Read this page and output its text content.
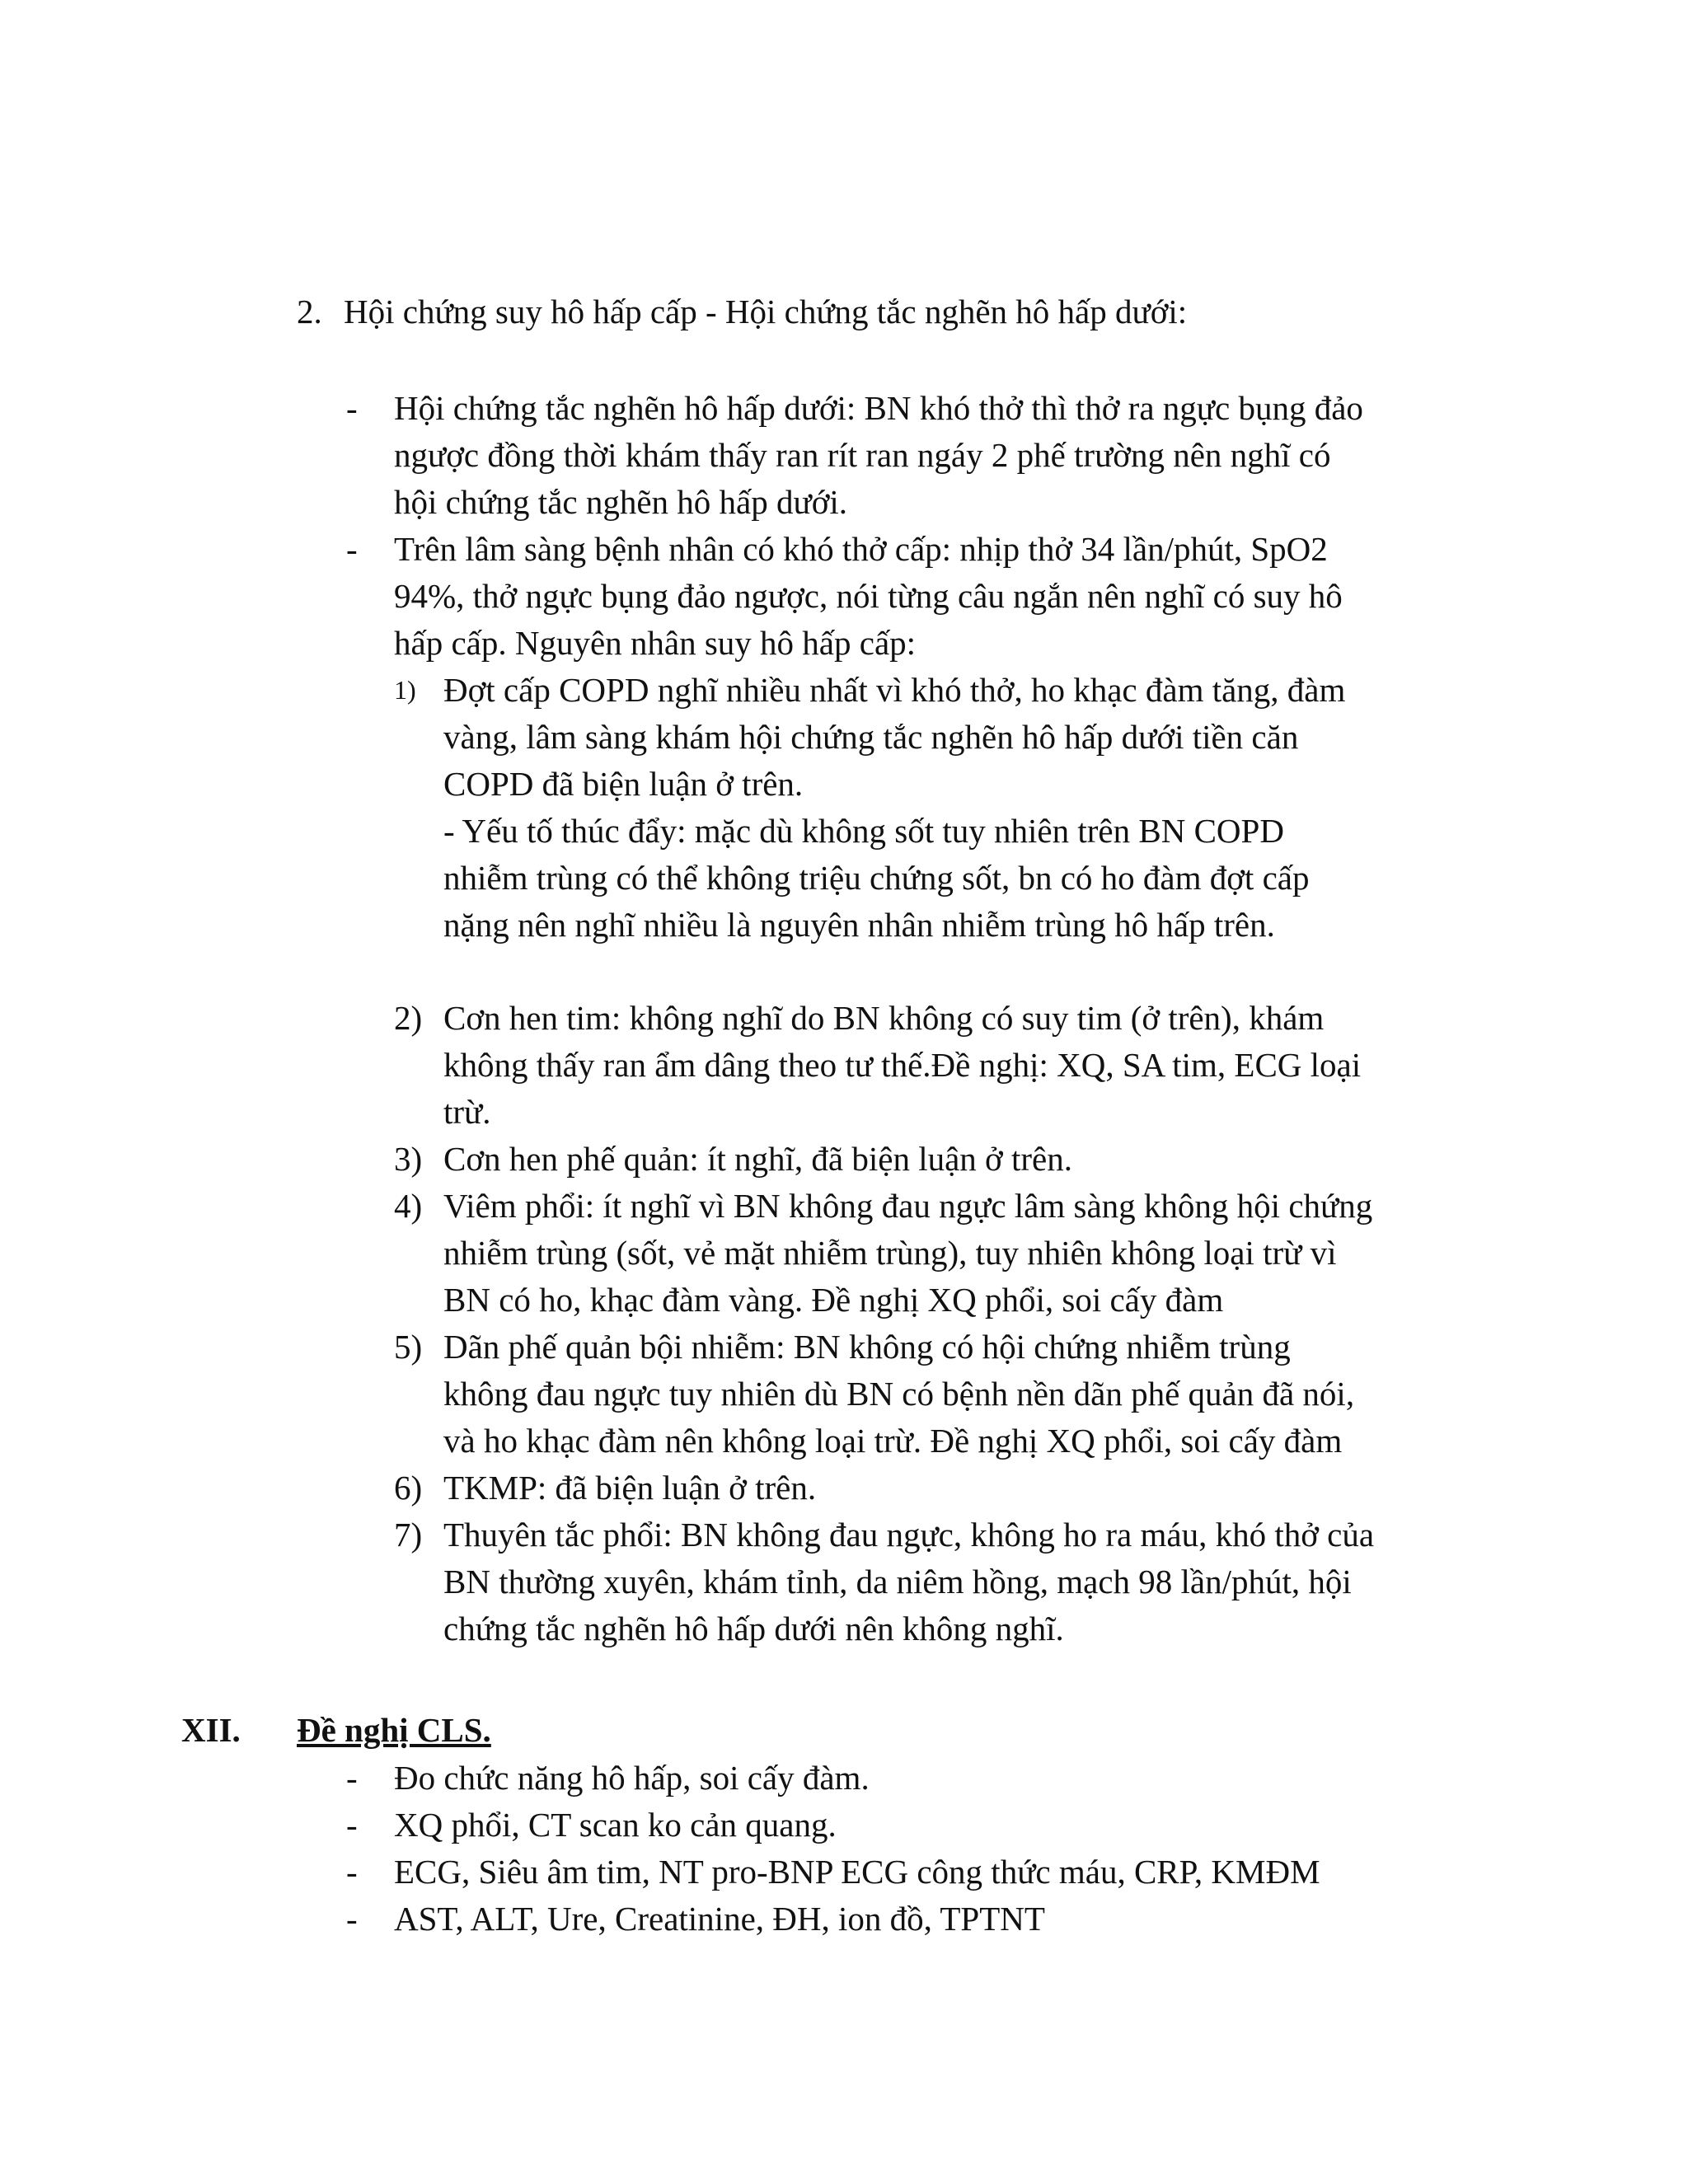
2. Hội chứng suy hô hấp cấp - Hội chứng tắc nghẽn hô hấp dưới:
- Hội chứng tắc nghẽn hô hấp dưới: BN khó thở thì thở ra ngực bụng đảo
ngược đồng thời khám thấy ran rít ran ngáy 2 phế trường nên nghĩ có
hội chứng tắc nghẽn hô hấp dưới.
- Trên lâm sàng bệnh nhân có khó thở cấp: nhịp thở 34 lần/phút, SpO2
94%, thở ngực bụng đảo ngược, nói từng câu ngắn nên nghĩ có suy hô
hấp cấp. Nguyên nhân suy hô hấp cấp:
1) Đợt cấp COPD nghĩ nhiều nhất vì khó thở, ho khạc đàm tăng, đàm
vàng, lâm sàng khám hội chứng tắc nghẽn hô hấp dưới tiền căn
COPD đã biện luận ở trên.
- Yếu tố thúc đẩy: mặc dù không sốt tuy nhiên trên BN COPD
nhiễm trùng có thể không triệu chứng sốt, bn có ho đàm đợt cấp
nặng nên nghĩ nhiều là nguyên nhân nhiễm trùng hô hấp trên.
2) Cơn hen tim: không nghĩ do BN không có suy tim (ở trên), khám
không thấy ran ẩm dâng theo tư thế.Đề nghị: XQ, SA tim, ECG loại
trừ.
3) Cơn hen phế quản: ít nghĩ, đã biện luận ở trên.
4) Viêm phổi: ít nghĩ vì BN không đau ngực lâm sàng không hội chứng
nhiễm trùng (sốt, vẻ mặt nhiễm trùng), tuy nhiên không loại trừ vì
BN có ho, khạc đàm vàng. Đề nghị XQ phổi, soi cấy đàm
5) Dãn phế quản bội nhiễm: BN không có hội chứng nhiễm trùng
không đau ngực tuy nhiên dù BN có bệnh nền dãn phế quản đã nói,
và ho khạc đàm nên không loại trừ. Đề nghị XQ phổi, soi cấy đàm
6) TKMP: đã biện luận ở trên.
7) Thuyên tắc phổi: BN không đau ngực, không ho ra máu, khó thở của
BN thường xuyên, khám tỉnh, da niêm hồng, mạch 98 lần/phút, hội
chứng tắc nghẽn hô hấp dưới nên không nghĩ.
XII. Đề nghị CLS.
- Đo chức năng hô hấp, soi cấy đàm.
- XQ phổi, CT scan ko cản quang.
- ECG, Siêu âm tim, NT pro-BNP ECG công thức máu, CRP, KMĐM
- AST, ALT, Ure, Creatinine, ĐH, ion đồ, TPTNT
